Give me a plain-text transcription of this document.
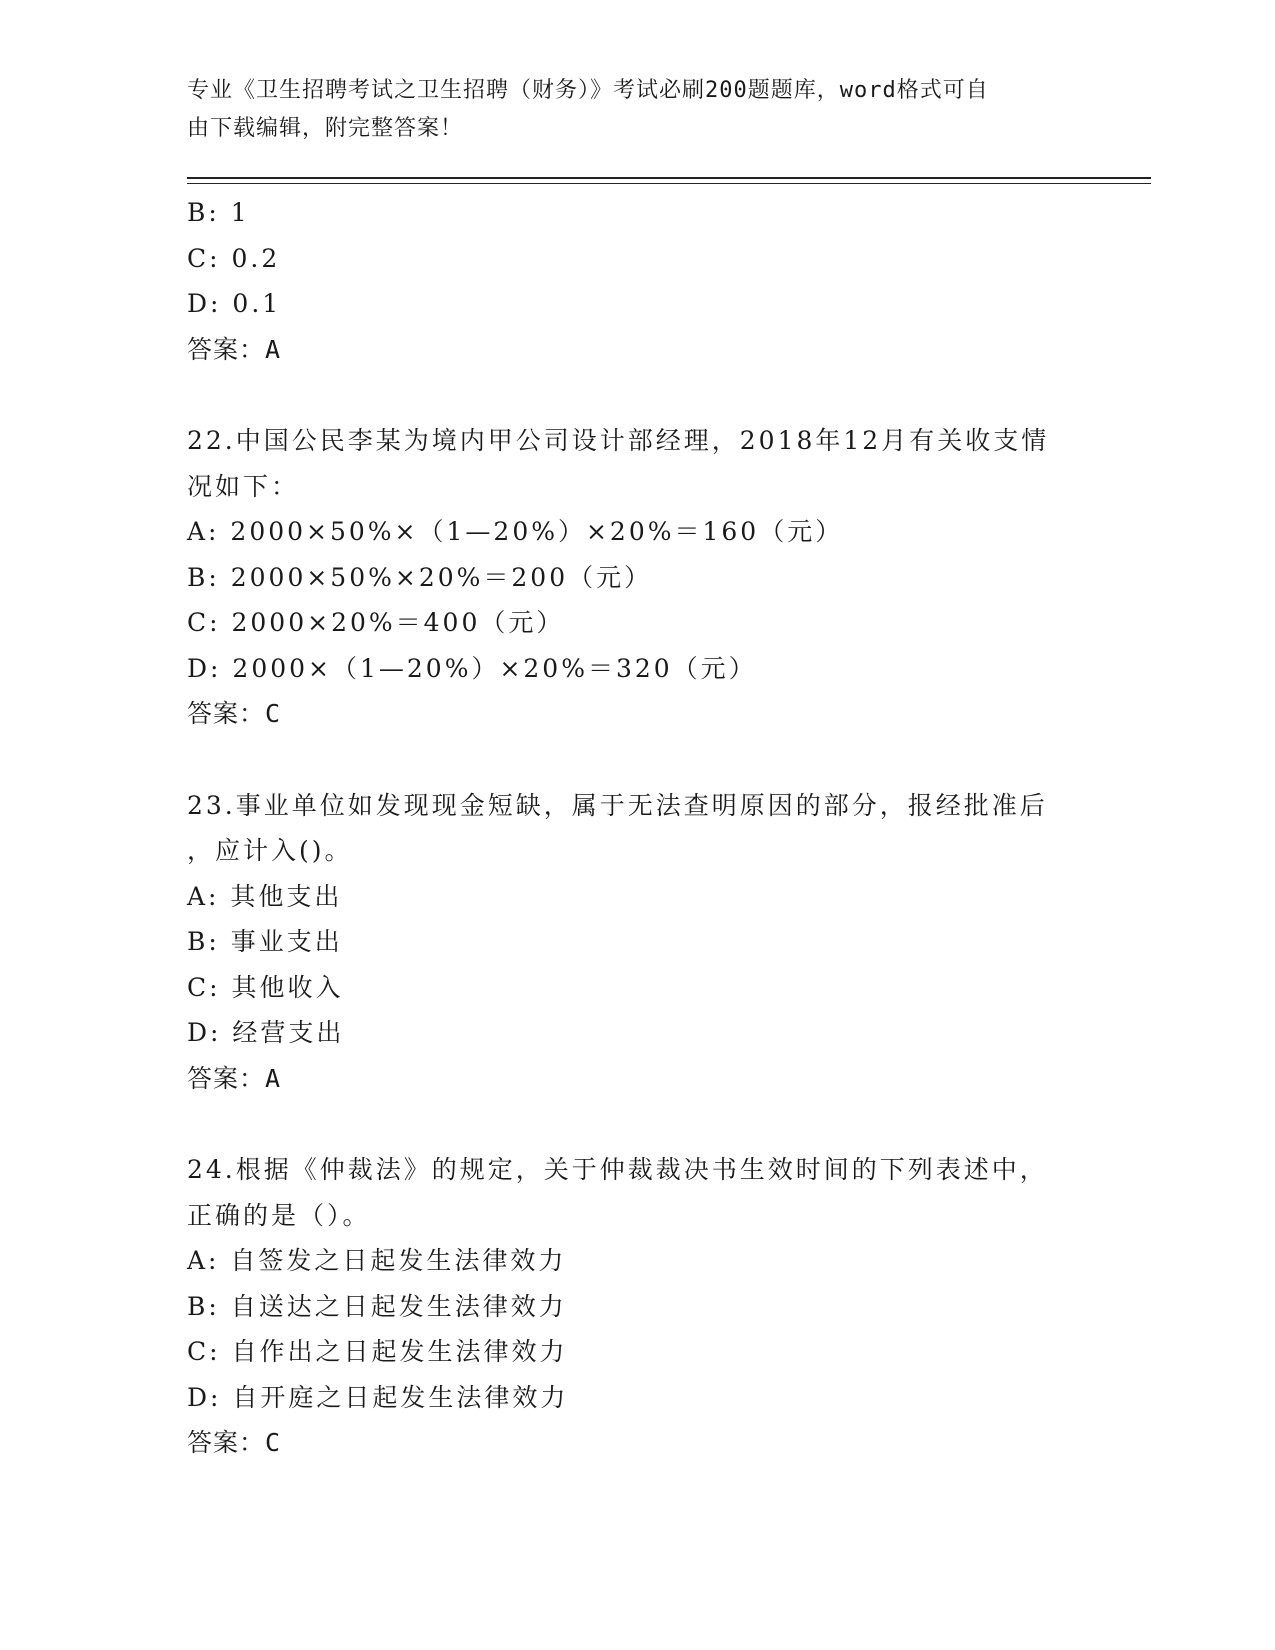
专业《卫生招聘考试之卫生招聘（财务）》考试必刷200题题库，word格式可自
由下载编辑，附完整答案！
B: 1
C: 0.2
D: 0.1
答案：A
22.中国公民李某为境内甲公司设计部经理，2018年12月有关收支情
况如下：
A: 2000×50%×（1—20%）×20%＝160（元）
B: 2000×50%×20%＝200（元）
C: 2000×20%＝400（元）
D: 2000×（1—20%）×20%＝320（元）
答案：C
23.事业单位如发现现金短缺，属于无法查明原因的部分，报经批准后
，应计入()。
A: 其他支出
B: 事业支出
C: 其他收入
D: 经营支出
答案：A
24.根据《仲裁法》的规定，关于仲裁裁决书生效时间的下列表述中，
正确的是（）。
A: 自签发之日起发生法律效力
B: 自送达之日起发生法律效力
C: 自作出之日起发生法律效力
D: 自开庭之日起发生法律效力
答案：C
